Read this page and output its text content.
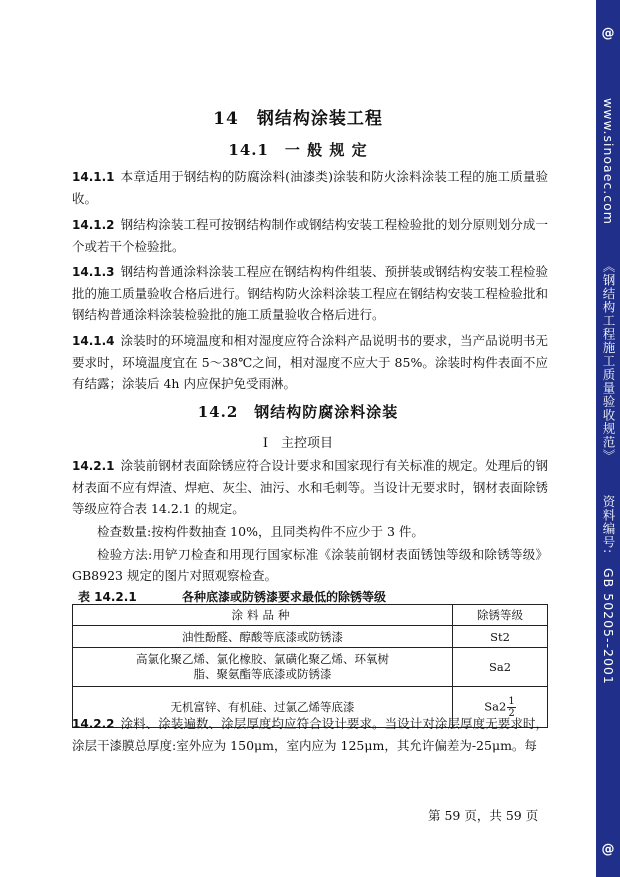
14　钢结构涂装工程
14.1　一 般 规 定

14.1.1 本章适用于钢结构的防腐涂料(油漆类)涂装和防火涂料涂装工程的施工质量验收。

14.1.2 钢结构涂装工程可按钢结构制作或钢结构安装工程检验批的划分原则划分成一个或若干个检验批。

14.1.3 钢结构普通涂料涂装工程应在钢结构构件组装、预拼装或钢结构安装工程检验批的施工质量验收合格后进行。钢结构防火涂料涂装工程应在钢结构安装工程检验批和钢结构普通涂料涂装检验批的施工质量验收合格后进行。

14.1.4 涂装时的环境温度和相对湿度应符合涂料产品说明书的要求，当产品说明书无要求时，环境温度宜在 5～38℃之间，相对湿度不应大于 85%。涂装时构件表面不应有结露；涂装后 4h 内应保护免受雨淋。

14.2　钢结构防腐涂料涂装
Ⅰ　主控项目

14.2.1 涂装前钢材表面除锈应符合设计要求和国家现行有关标准的规定。处理后的钢材表面不应有焊渣、焊疤、灰尘、油污、水和毛刺等。当设计无要求时，钢材表面除锈等级应符合表 14.2.1 的规定。

检查数量:按构件数抽查 10%，且同类构件不应少于 3 件。

检验方法:用铲刀检查和用现行国家标准《涂装前钢材表面锈蚀等级和除锈等级》GB8923 规定的图片对照观察检查。

表 14.2.1	各种底漆或防锈漆要求最低的除锈等级
涂料品种	除锈等级
油性酚醛、醇酸等底漆或防锈漆	St2
高氯化聚乙烯、氯化橡胶、氯磺化聚乙烯、环氧树脂、聚氨酯等底漆或防锈漆	Sa2
无机富锌、有机硅、过氯乙烯等底漆	$Sa2 \frac{1}{2}$

14.2.2 涂料、涂装遍数、涂层厚度均应符合设计要求。当设计对涂层厚度无要求时，涂层干漆膜总厚度:室外应为 150μm，室内应为 125μm，其允许偏差为-25μm。每

第 59 页，共 59 页
@
www.sinoaec.com 《钢结构工程施工质量验收规范》 资料编号: GB 50205--2001
@
